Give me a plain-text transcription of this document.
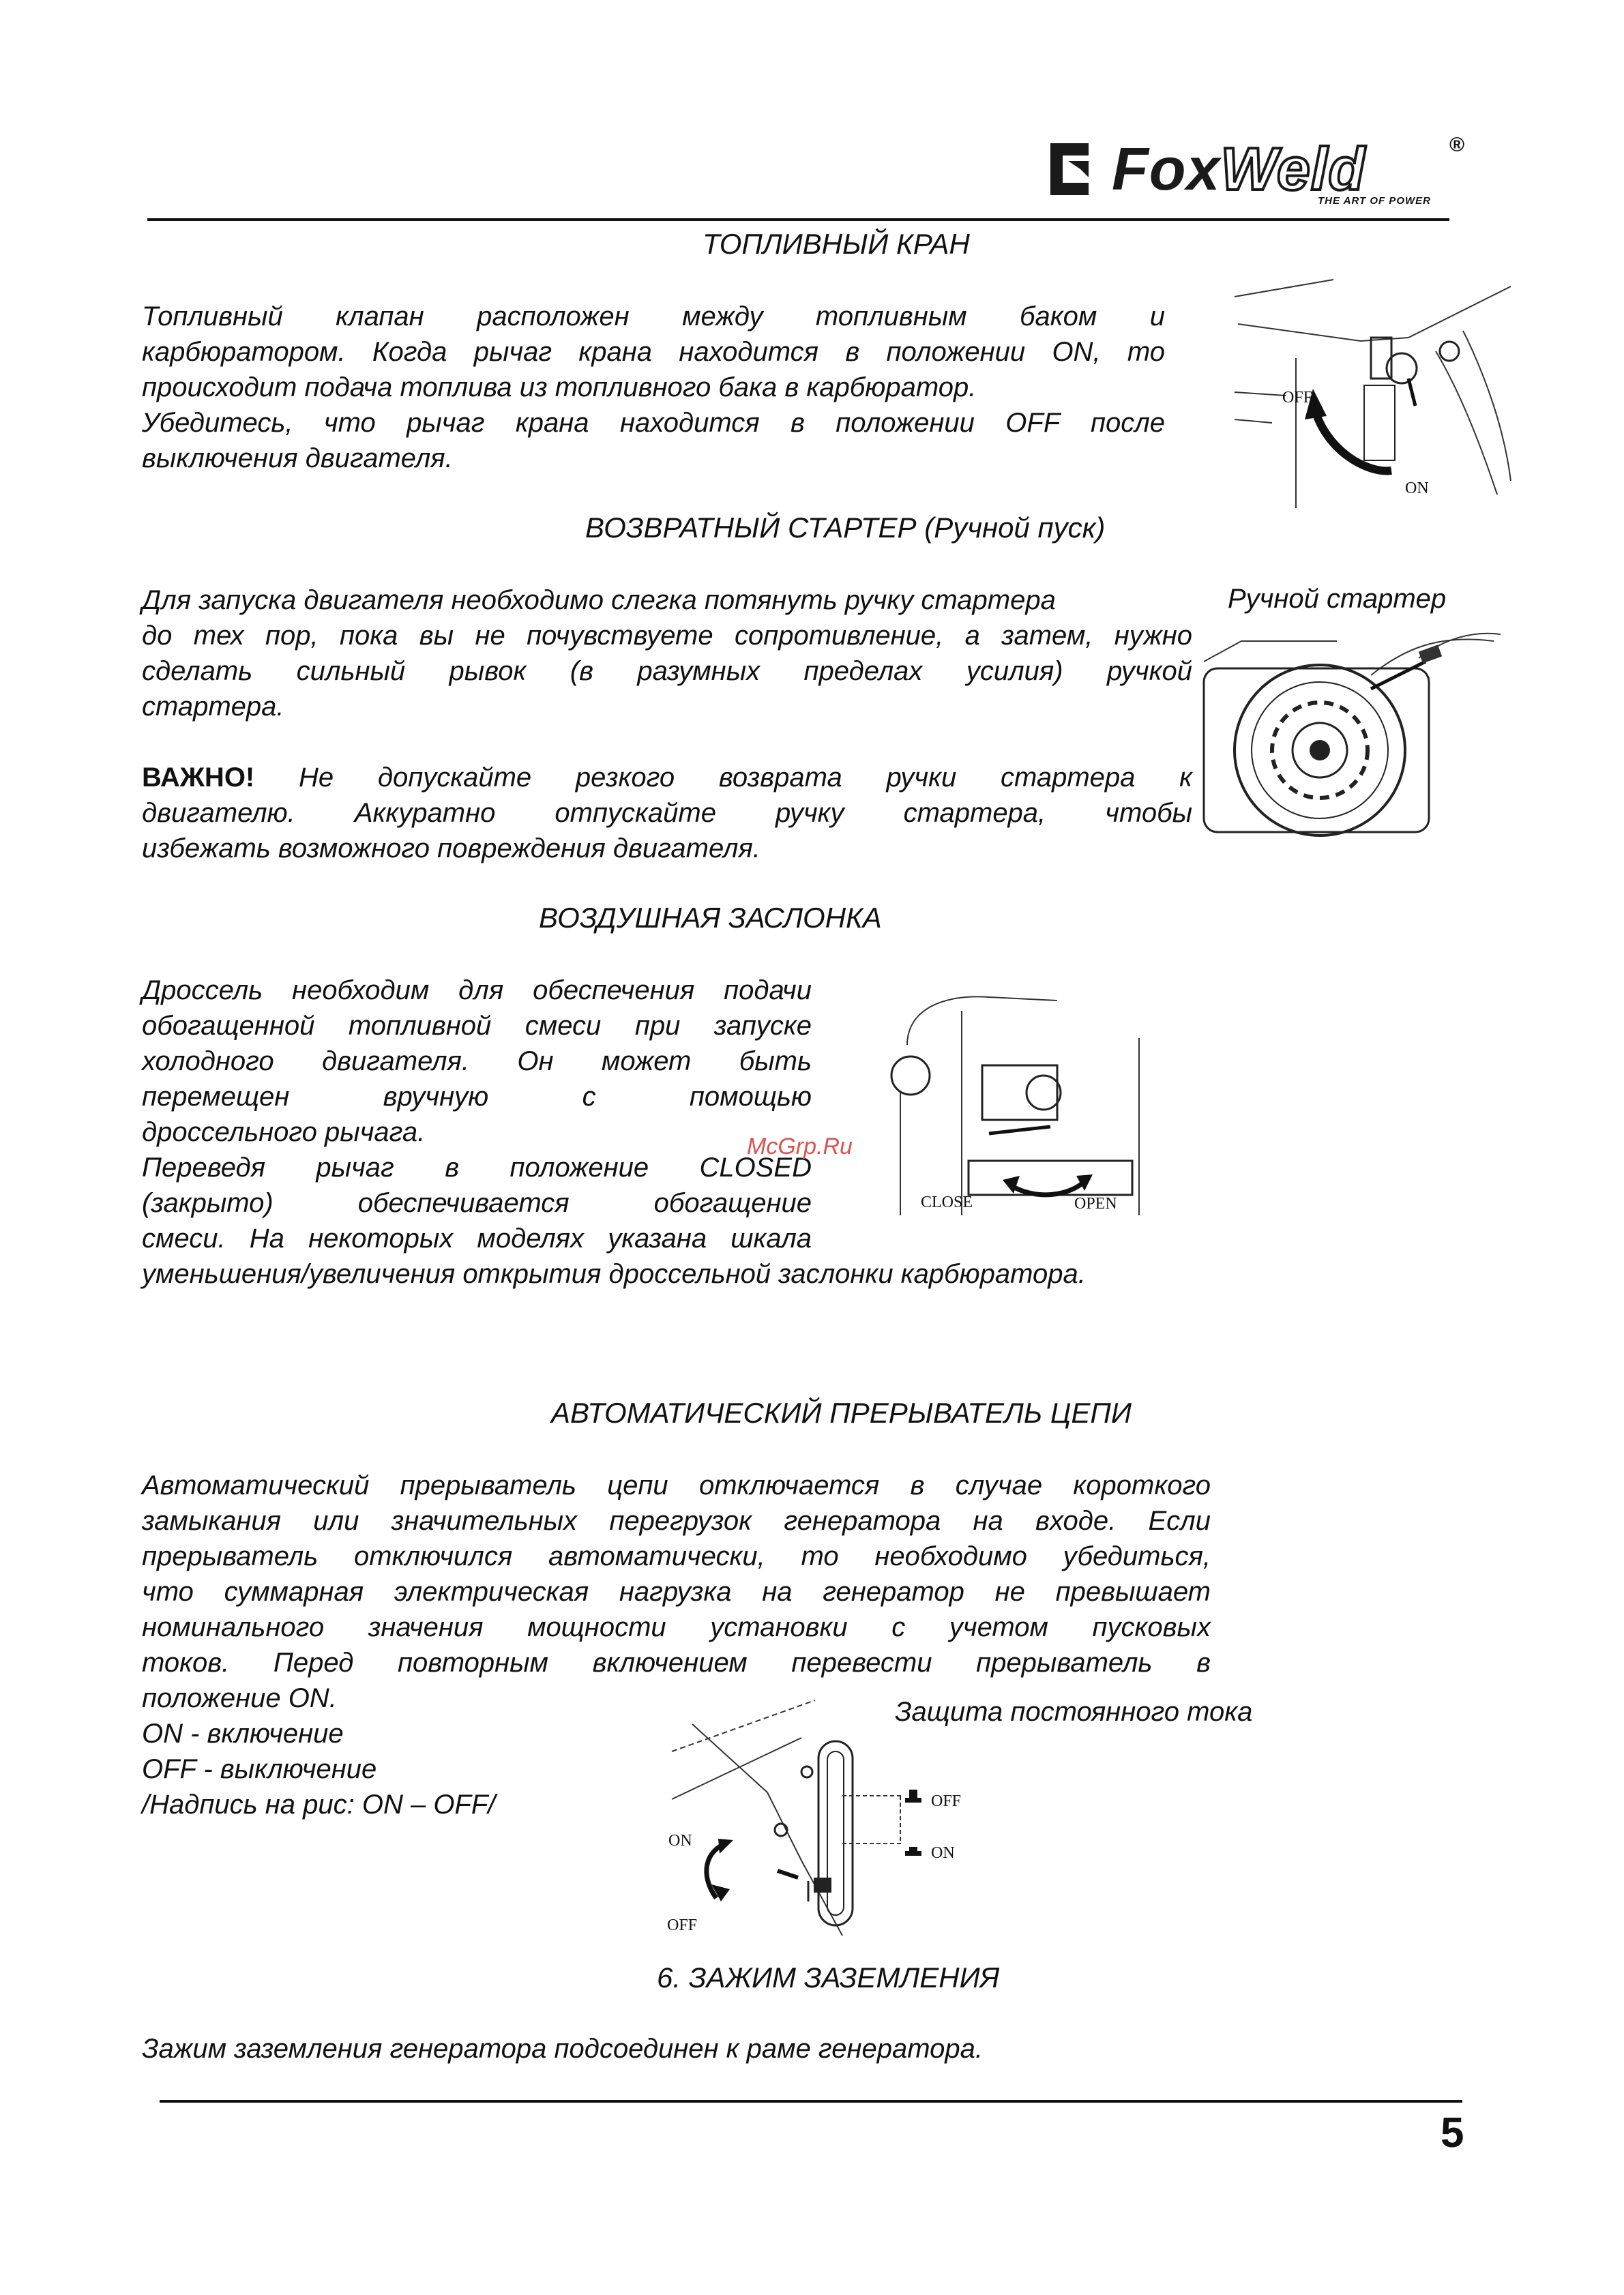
FoxWeld	®
THE ART OF POWER
ТОПЛИВНЫЙ КРАН
Топливный клапан расположен между топливным баком и
карбюратором. Когда рычаг крана находится в положении ON, то
происходит подача топлива из топливного бака в карбюратор.
Убедитесь, что рычаг крана находится в положении OFF после
выключения двигателя.
OFF
ON
ВОЗВРАТНЫЙ СТАРТЕР (Ручной пуск)
Ручной стартер
Для запуска двигателя необходимо слегка потянуть ручку стартера
до тех пор, пока вы не почувствуете сопротивление, а затем, нужно
сделать сильный рывок (в разумных пределах усилия) ручкой
стартера.
ВАЖНО! Не допускайте резкого возврата ручки стартера к
двигателю. Аккуратно отпускайте ручку стартера, чтобы
избежать возможного повреждения двигателя.
ВОЗДУШНАЯ ЗАСЛОНКА
Дроссель необходим для обеспечения подачи
обогащенной топливной смеси при запуске
холодного двигателя. Он может быть
перемещен вручную с помощью
дроссельного рычага.
Переведя рычаг в положение CLOSED
(закрыто) обеспечивается обогащение
смеси. На некоторых моделях указана шкала
уменьшения/увеличения открытия дроссельной заслонки карбюратора.
CLOSE	OPEN
АВТОМАТИЧЕСКИЙ ПРЕРЫВАТЕЛЬ ЦЕПИ
Автоматический прерыватель цепи отключается в случае короткого
замыкания или значительных перегрузок генератора на входе. Если
прерыватель отключился автоматически, то необходимо убедиться,
что суммарная электрическая нагрузка на генератор не превышает
номинального значения мощности установки с учетом пусковых
токов. Перед повторным включением перевести прерыватель в
положение ON.
ON - включение
OFF - выключение
/Надпись на рис: ON – OFF/
Защита постоянного тока
OFF
ON
ON
OFF
6. ЗАЖИМ ЗАЗЕМЛЕНИЯ
Зажим заземления генератора подсоединен к раме генератора.
5
McGrp.Ru
